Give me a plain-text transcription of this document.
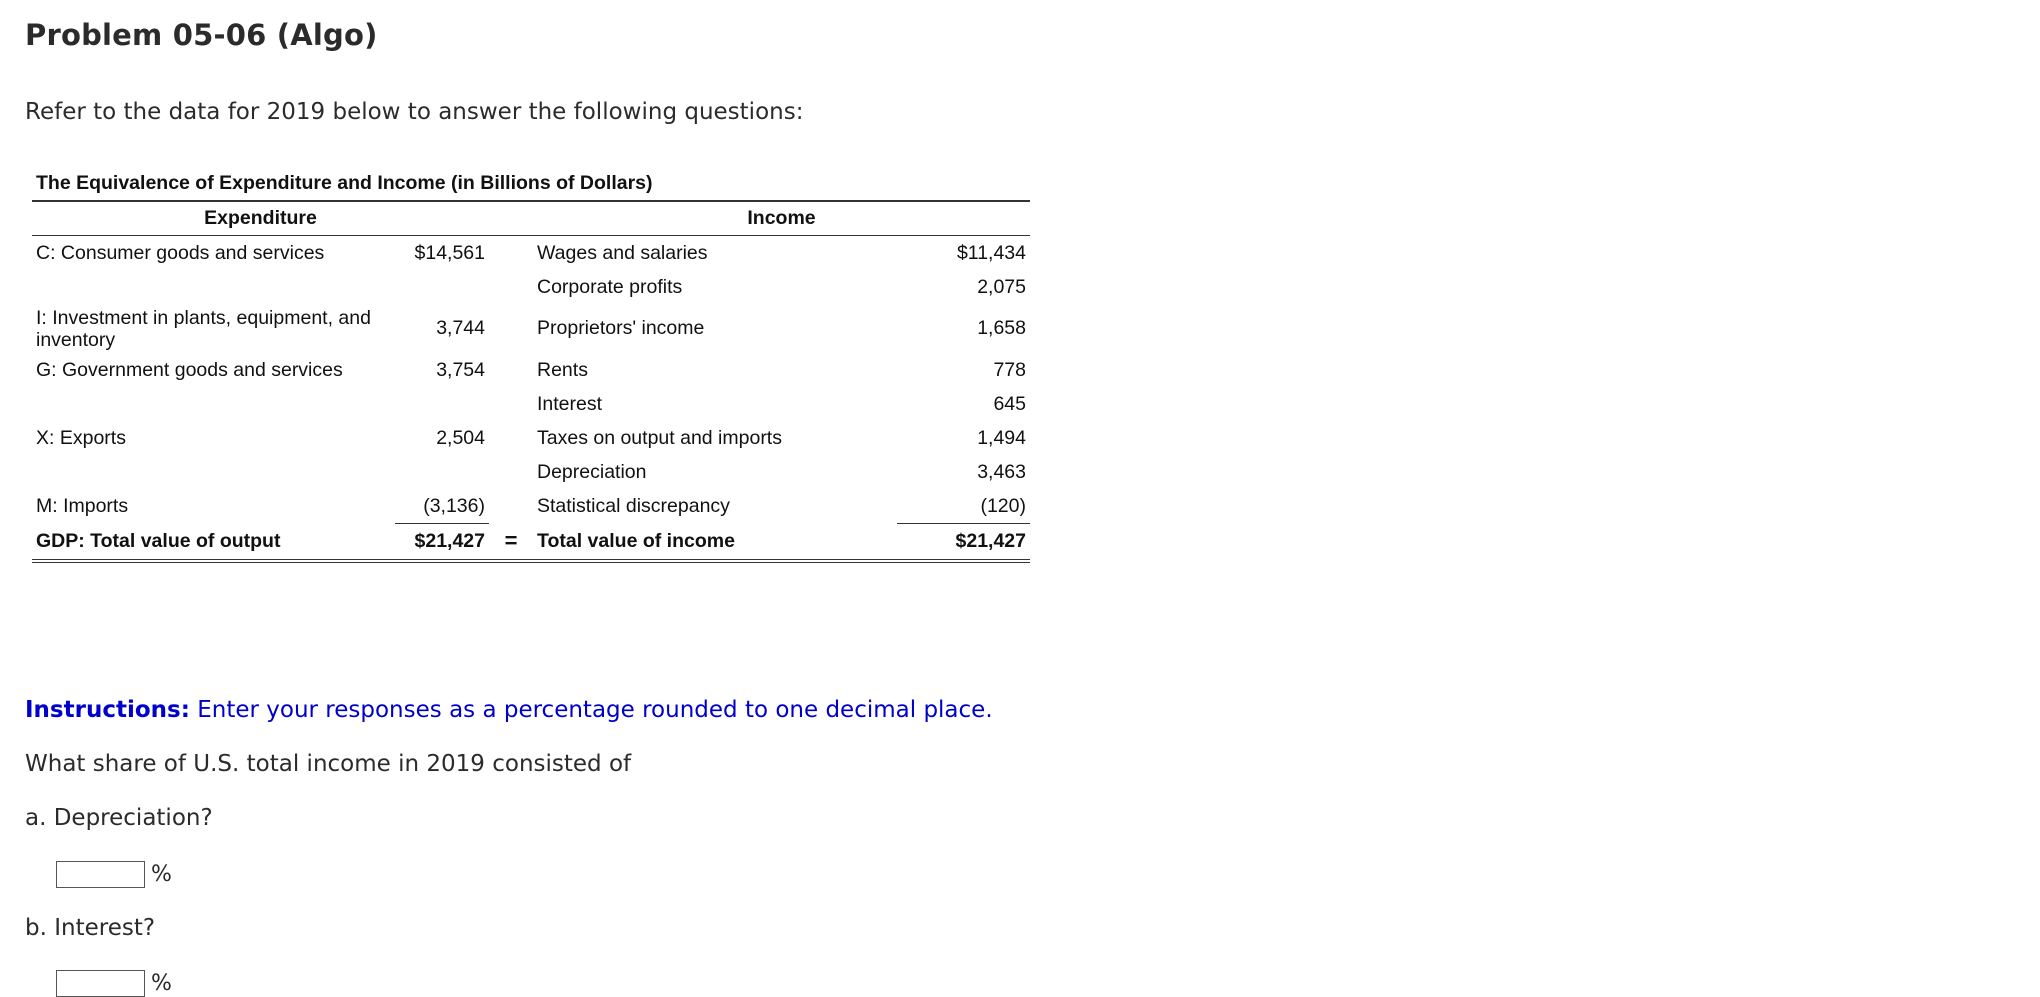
Problem 05-06 (Algo)

Refer to the data for 2019 below to answer the following questions:

The Equivalence of Expenditure and Income (in Billions of Dollars)				
Expenditure			Income	
C: Consumer goods and services	$14,561		Wages and salaries	$11,434
			Corporate profits	2,075
I: Investment in plants, equipment, and inventory	3,744		Proprietors' income	1,658
G: Government goods and services	3,754		Rents	778
			Interest	645
X: Exports	2,504		Taxes on output and imports	1,494
			Depreciation	3,463
M: Imports	(3,136)		Statistical discrepancy	(120)
GDP: Total value of output	$21,427	=	Total value of income	$21,427

Instructions: Enter your responses as a percentage rounded to one decimal place.

What share of U.S. total income in 2019 consisted of

a. Depreciation?

%

b. Interest?

%
